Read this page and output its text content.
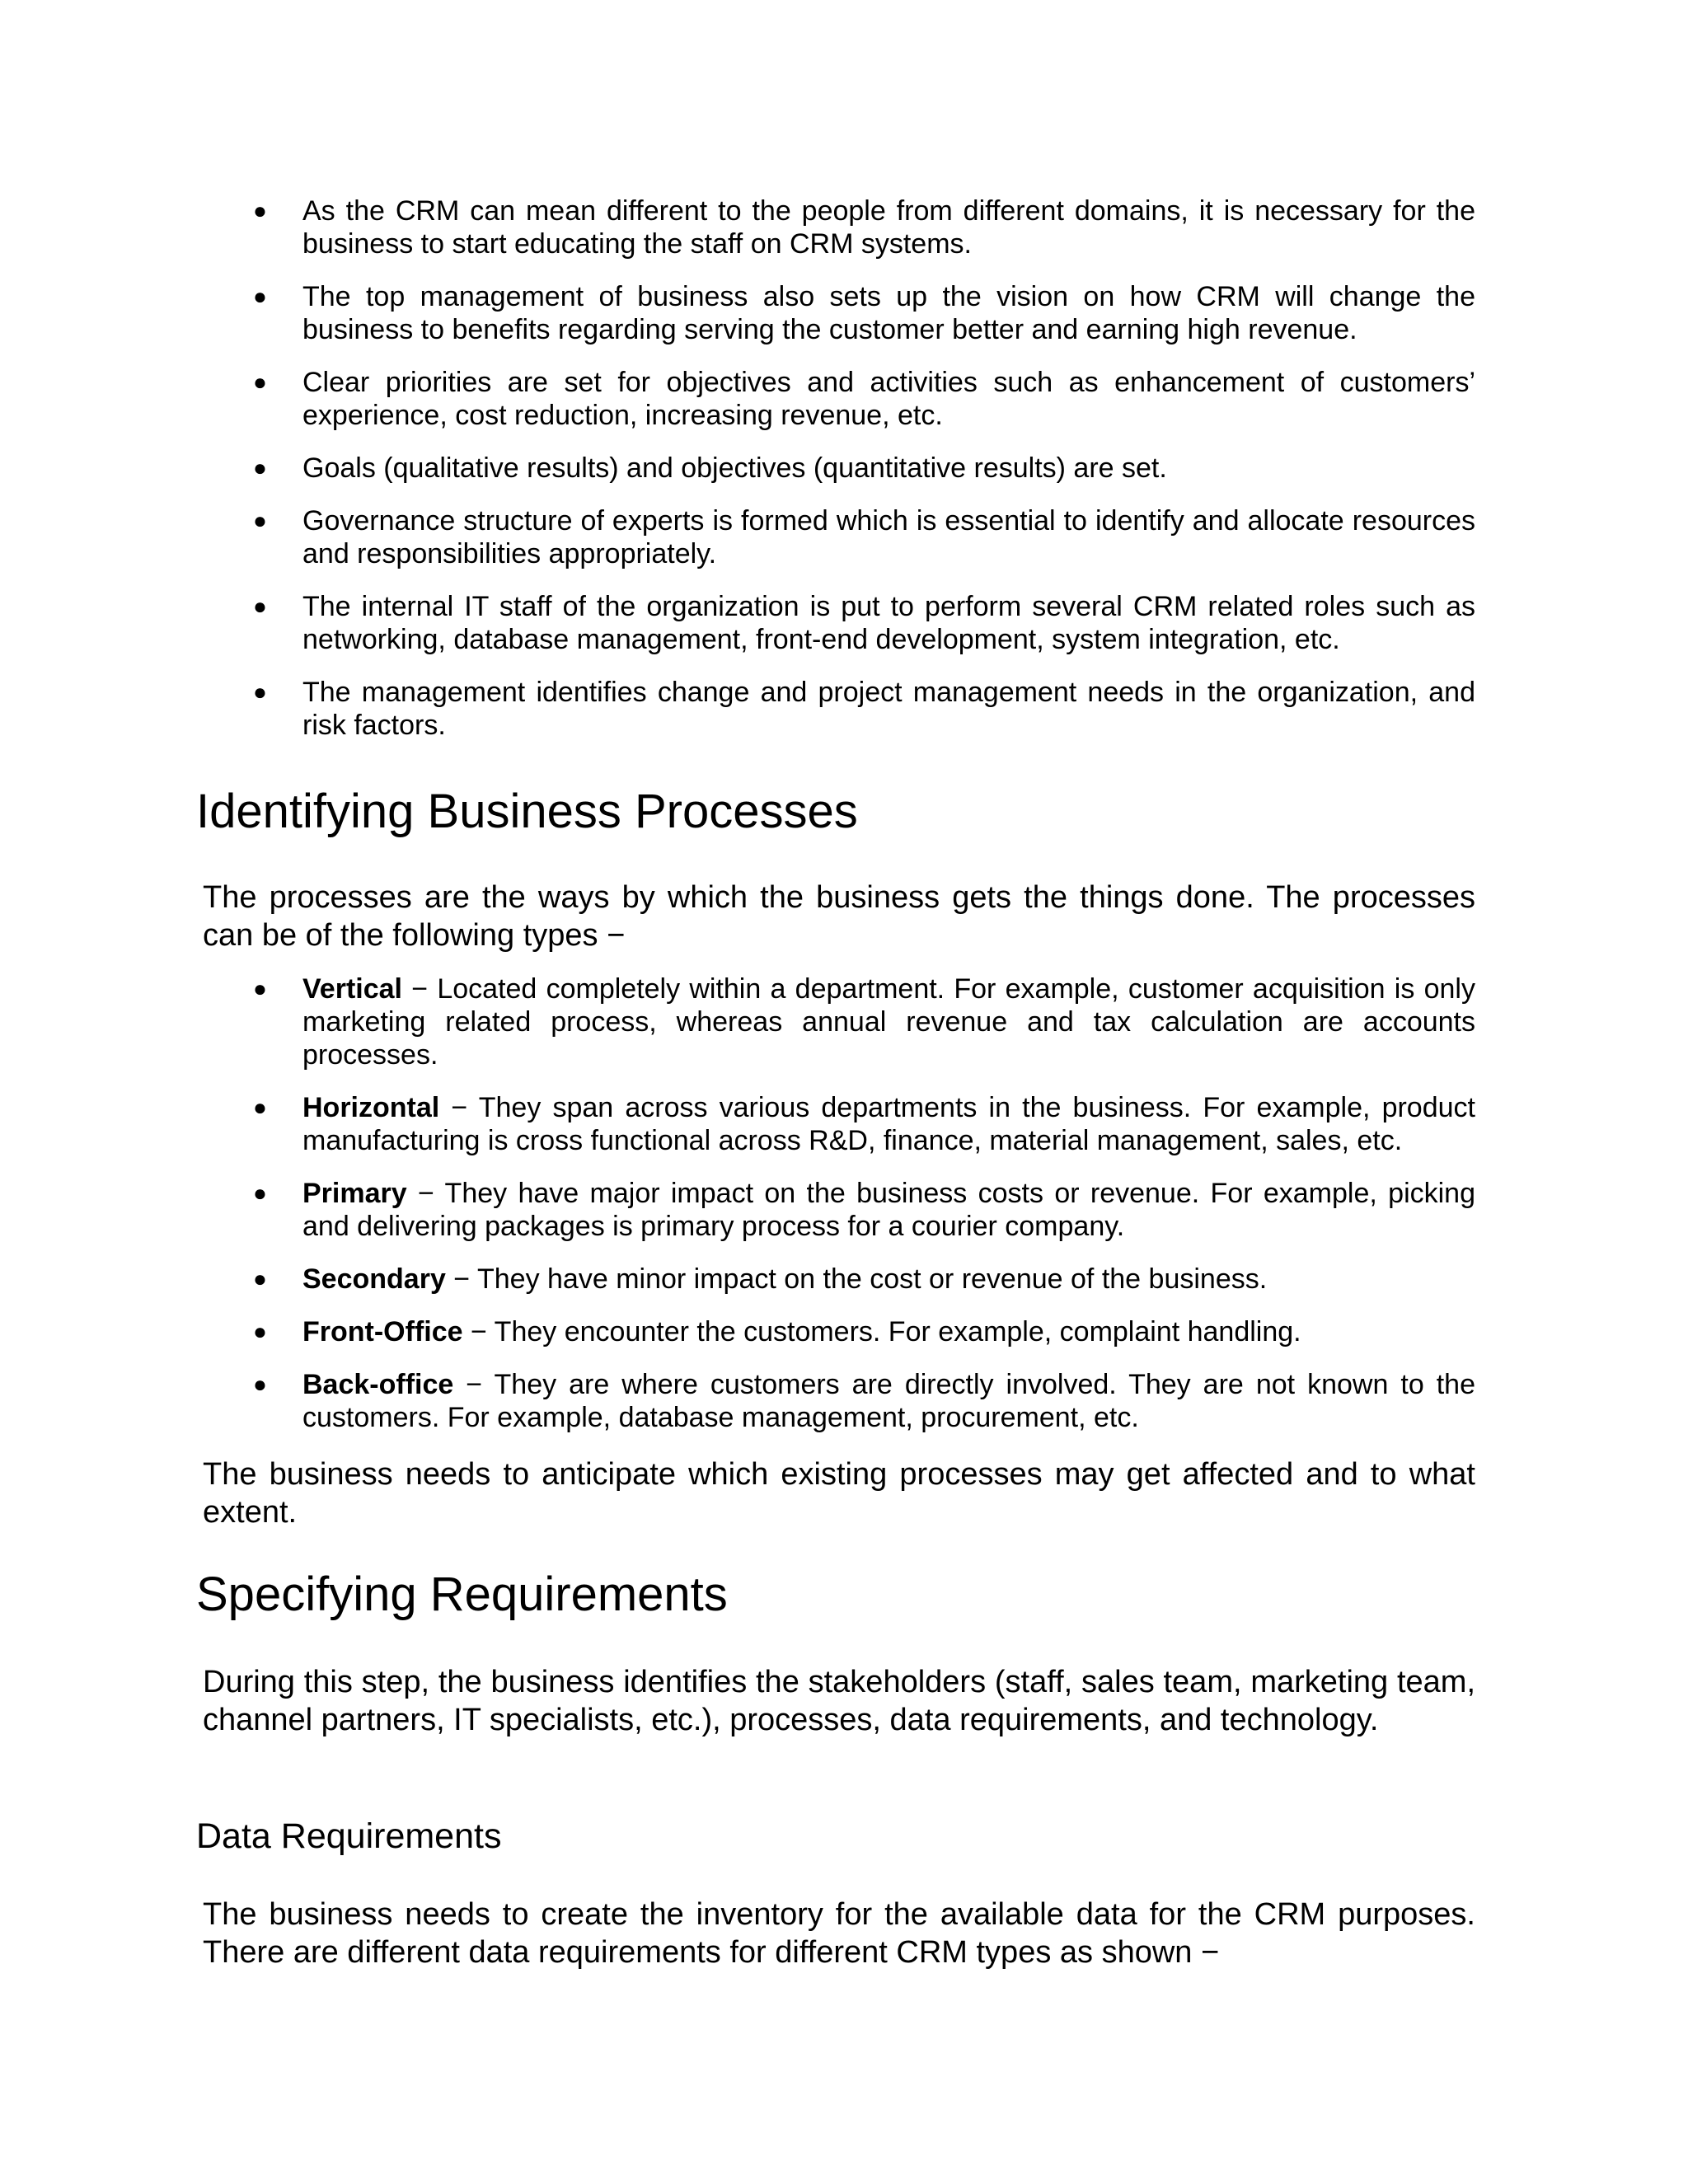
●	As the CRM can mean different to the people from different domains, it is necessary for the business to start educating the staff on CRM systems.
●	The top management of business also sets up the vision on how CRM will change the business to benefits regarding serving the customer better and earning high revenue.
●	Clear priorities are set for objectives and activities such as enhancement of customers’ experience, cost reduction, increasing revenue, etc.
●	Goals (qualitative results) and objectives (quantitative results) are set.
●	Governance structure of experts is formed which is essential to identify and allocate resources and responsibilities appropriately.
●	The internal IT staff of the organization is put to perform several CRM related roles such as networking, database management, front-end development, system integration, etc.
●	The management identifies change and project management needs in the organization, and risk factors.
Identifying Business Processes

The processes are the ways by which the business gets the things done. The processes can be of the following types −

●	Vertical − Located completely within a department. For example, customer acquisition is only marketing related process, whereas annual revenue and tax calculation are accounts processes.
●	Horizontal − They span across various departments in the business. For example, product manufacturing is cross functional across R&D, finance, material management, sales, etc.
●	Primary − They have major impact on the business costs or revenue. For example, picking and delivering packages is primary process for a courier company.
●	Secondary − They have minor impact on the cost or revenue of the business.
●	Front-Office − They encounter the customers. For example, complaint handling.
●	Back-office − They are where customers are directly involved. They are not known to the customers. For example, database management, procurement, etc.

The business needs to anticipate which existing processes may get affected and to what extent.

Specifying Requirements

During this step, the business identifies the stakeholders (staff, sales team, marketing team, channel partners, IT specialists, etc.), processes, data requirements, and technology.

Data Requirements

The business needs to create the inventory for the available data for the CRM purposes. There are different data requirements for different CRM types as shown −
